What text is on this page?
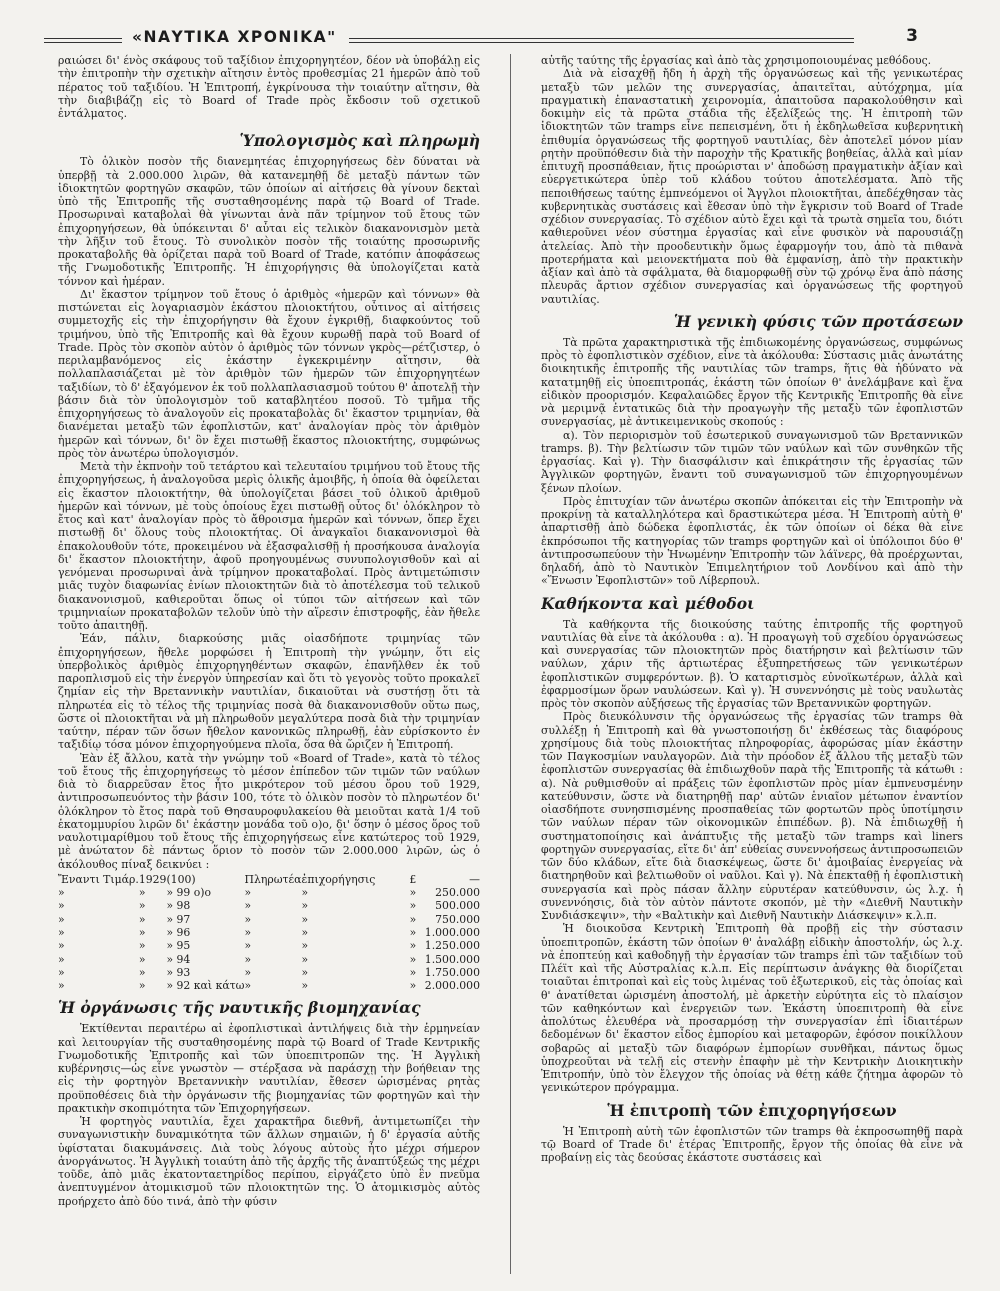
«ΝΑΥΤΙΚΑ ΧΡΟΝΙΚΑ"	3

ραιώσει δι' ένὸς σκάφους τοῦ ταξίδιον ἐπιχορηγητέον, δέον νὰ ὑποβάλῃ εἰς τὴν ἐπιτροπὴν τὴν σχετικὴν αἴτησιν ἐντὸς προθεσμίας 21 ἡμερῶν ἀπὸ τοῦ πέρατος τοῦ ταξιδίου. Ἡ Ἐπιτροπή, ἐγκρίνουσα τὴν τοιαύτην αἴτησιν, θὰ τὴν διαβιβάζῃ εἰς τὸ Board of Trade πρὸς ἔκδοσιν τοῦ σχετικοῦ ἐντάλματος.

Ὑπολογισμὸς καὶ πληρωμὴ

Τὸ ὁλικὸν ποσὸν τῆς διανεμητέας ἐπιχορηγήσεως δὲν δύναται νὰ ὑπερβῇ τὰ 2.000.000 λιρῶν, θὰ κατανεμηθῇ δὲ μεταξὺ πάντων τῶν ἰδιοκτητῶν φορτηγῶν σκαφῶν, τῶν ὁποίων αἱ αἰτήσεις θὰ γίνουν δεκταὶ ὑπὸ τῆς Ἐπιτροπῆς τῆς συσταθησομένης παρὰ τῷ Board of Trade. Προσωριναὶ καταβολαὶ θὰ γίνωνται ἀνὰ πᾶν τρίμηνον τοῦ ἔτους τῶν ἐπιχορηγήσεων, θὰ ὑπόκεινται δ' αὗται εἰς τελικὸν διακανονισμὸν μετὰ τὴν λῆξιν τοῦ ἔτους. Τὸ συνολικὸν ποσὸν τῆς τοιαύτης προσωρινῆς προκαταβολῆς θὰ ὁρίζεται παρὰ τοῦ Board of Trade, κατόπιν ἀποφάσεως τῆς Γνωμοδοτικῆς Ἐπιτροπῆς. Ἡ ἐπιχορήγησις θὰ ὑπολογίζεται κατὰ τόννον καὶ ἡμέραν.

Δι' ἕκαστον τρίμηνον τοῦ ἔτους ὁ ἀριθμὸς «ἡμερῶν καὶ τόννων» θὰ πιστώνεται εἰς λογαριασμὸν ἑκάστου πλοιοκτήτου, οὗτινος αἱ αἰτήσεις συμμετοχῆς εἰς τὴν ἐπιχορήγησιν θὰ ἔχουν ἐγκριθῇ, διαφκούντος τοῦ τριμήνου, ὑπὸ τῆς Ἐπιτροπῆς καὶ θὰ ἔχουν κυρωθῇ παρὰ τοῦ Board of Trade. Πρὸς τὸν σκοπὸν αὐτὸν ὁ ἀριθμὸς τῶν τόννων γκρὸς—ρέτζιστερ, ὁ περιλαμβανόμενος εἰς ἑκάστην ἐγκεκριμένην αἴτησιν, θὰ πολλαπλασιάζεται μὲ τὸν ἀριθμὸν τῶν ἡμερῶν τῶν ἐπιχορηγητέων ταξιδίων, τὸ δ' ἐξαγόμενον ἐκ τοῦ πολλαπλασιασμοῦ τούτου θ' ἀποτελῇ τὴν βάσιν διὰ τὸν ὑπολογισμὸν τοῦ καταβλητέου ποσοῦ. Τὸ τμῆμα τῆς ἐπιχορηγήσεως τὸ ἀναλογοῦν εἰς προκαταβολὰς δι' ἕκαστον τριμηνίαν, θὰ διανέμεται μεταξὺ τῶν ἐφοπλιστῶν, κατ' ἀναλογίαν πρὸς τὸν ἀριθμὸν ἡμερῶν καὶ τόννων, δι' ὃν ἔχει πιστωθῇ ἕκαστος πλοιοκτήτης, συμφώνως πρὸς τὸν ἀνωτέρω ὑπολογισμόν.

Μετὰ τὴν ἐκπνοὴν τοῦ τετάρτου καὶ τελευταίου τριμήνου τοῦ ἔτους τῆς ἐπιχορηγήσεως, ἡ ἀναλογοῦσα μερὶς ὁλικῆς ἀμοιβῆς, ἡ ὁποία θὰ ὀφείλεται εἰς ἕκαστον πλοιοκτήτην, θὰ ὑπολογίζεται βάσει τοῦ ὁλικοῦ ἀριθμοῦ ἡμερῶν καὶ τόννων, μὲ τοὺς ὁποίους ἔχει πιστωθῇ οὗτος δι' ὁλόκληρον τὸ ἔτος καὶ κατ' ἀναλογίαν πρὸς τὸ ἄθροισμα ἡμερῶν καὶ τόννων, ὅπερ ἔχει πιστωθῇ δι' ὅλους τοὺς πλοιοκτήτας. Οἱ ἀναγκαῖοι διακανονισμοὶ θὰ ἐπακολουθοῦν τότε, προκειμένου νὰ ἐξασφαλισθῇ ἡ προσήκουσα ἀναλογία δι' ἕκαστον πλοιοκτήτην, ἀφοῦ προηγουμένως συνυπολογισθοῦν καὶ αἱ γενόμεναι προσωριναὶ ἀνὰ τρίμηνον προκαταβολαί. Πρὸς ἀντιμετώπισιν μιᾶς τυχὸν διαφωνίας ἐνίων πλοιοκτητῶν διὰ τὸ ἀποτέλεσμα τοῦ τελικοῦ διακανονισμοῦ, καθιεροῦται ὅπως οἱ τύποι τῶν αἰτήσεων καὶ τῶν τριμηνιαίων προκαταβολῶν τελοῦν ὑπὸ τὴν αἵρεσιν ἐπιστροφῆς, ἐὰν ἤθελε τοῦτο ἀπαιτηθῇ.

Ἐάν, πάλιν, διαρκούσης μιᾶς οἱασδήποτε τριμηνίας τῶν ἐπιχορηγήσεων, ἤθελε μορφώσει ἡ Ἐπιτροπὴ τὴν γνώμην, ὅτι εἰς ὑπερβολικὸς ἀριθμὸς ἐπιχορηγηθέντων σκαφῶν, ἐπανῆλθεν ἐκ τοῦ παροπλισμοῦ εἰς τὴν ἐνεργὸν ὑπηρεσίαν καὶ ὅτι τὸ γεγονὸς τοῦτο προκαλεῖ ζημίαν εἰς τὴν Βρεταννικὴν ναυτιλίαν, δικαιοῦται νὰ συστήσῃ ὅτι τὰ πληρωτέα εἰς τὸ τέλος τῆς τριμηνίας ποσὰ θὰ διακανονισθοῦν οὕτω πως, ὥστε οἱ πλοιοκτῆται νὰ μὴ πληρωθοῦν μεγαλύτερα ποσὰ διὰ τὴν τριμηνίαν ταύτην, πέραν τῶν ὅσων ἤθελον κανονικῶς πληρωθῇ, ἐὰν εὑρίσκοντο ἐν ταξιδίῳ τόσα μόνον ἐπιχορηγούμενα πλοῖα, ὅσα θὰ ὥριζεν ἡ Ἐπιτροπή.

Ἐὰν ἐξ ἄλλου, κατὰ τὴν γνώμην τοῦ «Board of Trade», κατὰ τὸ τέλος τοῦ ἔτους τῆς ἐπιχορηγήσεως τὸ μέσον ἐπίπεδον τῶν τιμῶν τῶν ναύλων διὰ τὸ διαρρεῦσαν ἔτος ἦτο μικρότερον τοῦ μέσου ὅρου τοῦ 1929, ἀντιπροσωπευόντος τὴν βάσιν 100, τότε τὸ ὁλικὸν ποσὸν τὸ πληρωτέον δι' ὁλόκληρον τὸ ἔτος παρὰ τοῦ Θησαυροφυλακείου θὰ μειοῦται κατὰ 1/4 τοῦ ἑκατομμυρίου λιρῶν δι' ἑκάστην μονάδα τοῦ ο)ο, δι' ὅσην ὁ μέσος ὅρος τοῦ ναυλοτιμαρίθμου τοῦ ἔτους τῆς ἐπιχορηγήσεως εἶνε κατώτερος τοῦ 1929, μὲ ἀνώτατον δὲ πάντως ὅριον τὸ ποσὸν τῶν 2.000.000 λιρῶν, ὡς ὁ ἀκόλουθος πίναξ δεικνύει :

Ἔναντι Τιμάρ.	1929	(100)	Πληρωτέα	ἐπιχορήγησις	£	—
»	»	» 99 ο)ο	»	»	»	250.000
»	»	» 98	»	»	»	500.000
»	»	» 97	»	»	»	750.000
»	»	» 96	»	»	»	1.000.000
»	»	» 95	»	»	»	1.250.000
»	»	» 94	»	»	»	1.500.000
»	»	» 93	»	»	»	1.750.000
»	»	» 92 καὶ κάτω	»	»	»	2.000.000
Ἡ ὀργάνωσις τῆς ναυτικῆς βιομηχανίας

Ἐκτίθενται περαιτέρω αἱ ἐφοπλιστικαὶ ἀντιλήψεις διὰ τὴν ἑρμηνείαν καὶ λειτουργίαν τῆς συσταθησομένης παρὰ τῷ Board of Trade Κεντρικῆς Γνωμοδοτικῆς Ἐπιτροπῆς καὶ τῶν ὑποεπιτροπῶν της. Ἡ Ἀγγλικὴ κυβέρνησις—ὡς εἶνε γνωστὸν — στέρξασα νὰ παράσχῃ τὴν βοήθειαν της εἰς τὴν φορτηγὸν Βρεταννικὴν ναυτιλίαν, ἔθεσεν ὡρισμένας ρητὰς προϋποθέσεις διὰ τὴν ὀργάνωσιν τῆς βιομηχανίας τῶν φορτηγῶν καὶ τὴν πρακτικὴν σκοπιμότητα τῶν Ἐπιχορηγήσεων.

Ἡ φορτηγὸς ναυτιλία, ἔχει χαρακτῆρα διεθνῆ, ἀντιμετωπίζει τὴν συναγωνιστικὴν δυναμικότητα τῶν ἄλλων σημαιῶν, ἡ δ' ἐργασία αὐτῆς ὑφίσταται διακυμάνσεις. Διὰ τοὺς λόγους αὐτοὺς ἦτο μέχρι σήμερον ἀνοργάνωτος. Ἡ Ἀγγλικὴ τοιαύτη ἀπὸ τῆς ἀρχῆς τῆς ἀναπτύξεώς της μέχρι τοῦδε, ἀπὸ μιᾶς ἑκατονταετηρίδος περίπου, εἰργάζετο ὑπὸ ἓν πνεῦμα ἀνεπτυγμένον ἀτομικισμοῦ τῶν πλοιοκτητῶν της. Ὁ ἀτομικισμὸς αὐτὸς προήρχετο ἀπὸ δύο τινά, ἀπὸ τὴν φύσιν

αὐτῆς ταύτης τῆς ἐργασίας καὶ ἀπὸ τὰς χρησιμοποιουμένας μεθόδους.

Διὰ νὰ εἰσαχθῇ ἤδη ἡ ἀρχὴ τῆς ὀργανώσεως καὶ τῆς γενικωτέρας μεταξὺ τῶν μελῶν της συνεργασίας, ἀπαιτεῖται, αὐτόχρημα, μία πραγματικὴ ἐπαναστατικὴ χειρονομία, ἀπαιτοῦσα παρακολούθησιν καὶ δοκιμὴν εἰς τὰ πρῶτα στάδια τῆς ἐξελίξεώς της. Ἡ ἐπιτροπὴ τῶν ἰδιοκτητῶν τῶν tramps εἶνε πεπεισμένη, ὅτι ἡ ἐκδηλωθεῖσα κυβερνητικὴ ἐπιθυμία ὀργανώσεως τῆς φορτηγοῦ ναυτιλίας, δὲν ἀποτελεῖ μόνον μίαν ρητὴν προϋπόθεσιν διὰ τὴν παροχὴν τῆς Κρατικῆς βοηθείας, ἀλλὰ καὶ μίαν ἐπιτυχῆ προσπάθειαν, ἥτις προώρισται ν' ἀποδώσῃ πραγματικὴν ἀξίαν καὶ εὐεργετικώτερα ὑπὲρ τοῦ κλάδου τούτου ἀποτελέσματα. Ἀπὸ τῆς πεποιθήσεως ταύτης ἐμπνεόμενοι οἱ Ἄγγλοι πλοιοκτῆται, ἀπεδέχθησαν τὰς κυβερνητικὰς συστάσεις καὶ ἔθεσαν ὑπὸ τὴν ἔγκρισιν τοῦ Board of Trade σχέδιον συνεργασίας. Τὸ σχέδιον αὐτὸ ἔχει καὶ τὰ τρωτὰ σημεῖα του, διότι καθιεροῦνει νέον σύστημα ἐργασίας καὶ εἶνε φυσικὸν νὰ παρουσιάζῃ ἀτελείας. Ἀπὸ τὴν προοδευτικὴν ὅμως ἐφαρμογήν του, ἀπὸ τὰ πιθανὰ προτερήματα καὶ μειονεκτήματα ποὺ θὰ ἐμφανίσῃ, ἀπὸ τὴν πρακτικὴν ἀξίαν καὶ ἀπὸ τὰ σφάλματα, θὰ διαμορφωθῇ σὺν τῷ χρόνῳ ἕνα ἀπὸ πάσης πλευρᾶς ἄρτιον σχέδιον συνεργασίας καὶ ὀργανώσεως τῆς φορτηγοῦ ναυτιλίας.

Ἡ γενικὴ φύσις τῶν προτάσεων

Τὰ πρῶτα χαρακτηριστικὰ τῆς ἐπιδιωκομένης ὀργανώσεως, συμφώνως πρὸς τὸ ἐφοπλιστικὸν σχέδιον, εἶνε τὰ ἀκόλουθα: Σύστασις μιᾶς ἀνωτάτης διοικητικῆς ἐπιτροπῆς τῆς ναυτιλίας τῶν tramps, ἥτις θὰ ἠδύνατο νὰ κατατμηθῇ εἰς ὑποεπιτροπάς, ἑκάστη τῶν ὁποίων θ' ἀνελάμβανε καὶ ἕνα εἰδικὸν προορισμόν. Κεφαλαιῶδες ἔργον τῆς Κεντρικῆς Ἐπιτροπῆς θὰ εἶνε νὰ μεριμνᾷ ἐντατικῶς διὰ τὴν προαγωγὴν τῆς μεταξὺ τῶν ἐφοπλιστῶν συνεργασίας, μὲ ἀντικειμενικοὺς σκοπούς :

α). Τὸν περιορισμὸν τοῦ ἐσωτερικοῦ συναγωνισμοῦ τῶν Βρεταννικῶν tramps. β). Τὴν βελτίωσιν τῶν τιμῶν τῶν ναύλων καὶ τῶν συνθηκῶν τῆς ἐργασίας. Καὶ γ). Τὴν διασφάλισιν καὶ ἐπικράτησιν τῆς ἐργασίας τῶν Ἀγγλικῶν φορτηγῶν, ἔναντι τοῦ συναγωνισμοῦ τῶν ἐπιχορηγουμένων ξένων πλοίων.

Πρὸς ἐπιτυχίαν τῶν ἀνωτέρω σκοπῶν ἀπόκειται εἰς τὴν Ἐπιτροπὴν νὰ προκρίνῃ τὰ καταλληλότερα καὶ δραστικώτερα μέσα. Ἡ Ἐπιτροπὴ αὐτὴ θ' ἀπαρτισθῇ ἀπὸ δώδεκα ἐφοπλιστάς, ἐκ τῶν ὁποίων οἱ δέκα θὰ εἶνε ἐκπρόσωποι τῆς κατηγορίας τῶν tramps φορτηγῶν καὶ οἱ ὑπόλοιποι δύο θ' ἀντιπροσωπεύουν τὴν Ἡνωμένην Ἐπιτροπὴν τῶν λάϊνερς, θὰ προέρχωνται, δηλαδή, ἀπὸ τὸ Ναυτικὸν Ἐπιμελητήριον τοῦ Λονδίνου καὶ ἀπὸ τὴν «Ἕνωσιν Ἐφοπλιστῶν» τοῦ Λίβερπουλ.

Καθήκοντα καὶ μέθοδοι

Τὰ καθήκοντα τῆς διοικούσης ταύτης ἐπιτροπῆς τῆς φορτηγοῦ ναυτιλίας θὰ εἶνε τὰ ἀκόλουθα : α). Ἡ προαγωγὴ τοῦ σχεδίου ὀργανώσεως καὶ συνεργασίας τῶν πλοιοκτητῶν πρὸς διατήρησιν καὶ βελτίωσιν τῶν ναύλων, χάριν τῆς ἀρτιωτέρας ἐξυπηρετήσεως τῶν γενικωτέρων ἐφοπλιστικῶν συμφερόντων. β). Ὁ καταρτισμὸς εὐνοϊκωτέρων, ἀλλὰ καὶ ἐφαρμοσίμων ὅρων ναυλώσεων. Καὶ γ). Ἡ συνεννόησις μὲ τοὺς ναυλωτὰς πρὸς τὸν σκοπὸν αὐξήσεως τῆς ἐργασίας τῶν Βρεταννικῶν φορτηγῶν.

Πρὸς διευκόλυνσιν τῆς ὀργανώσεως τῆς ἐργασίας τῶν tramps θὰ συλλέξῃ ἡ Ἐπιτροπὴ καὶ θὰ γνωστοποιήσῃ δι' ἐκθέσεως τὰς διαφόρους χρησίμους διὰ τοὺς πλοιοκτήτας πληροφορίας, ἀφορώσας μίαν ἑκάστην τῶν Παγκοσμίων ναυλαγορῶν. Διὰ τὴν πρόοδον ἐξ ἄλλου τῆς μεταξὺ τῶν ἐφοπλιστῶν συνεργασίας θὰ ἐπιδιωχθοῦν παρὰ τῆς Ἐπιτροπῆς τὰ κάτωθι : α). Νὰ ρυθμισθοῦν αἱ πράξεις τῶν ἐφοπλιστῶν πρὸς μίαν ἐμπνευσμένην κατεύθυνσιν, ὥστε νὰ διατηρηθῇ παρ' αὐτῶν ἑνιαῖον μέτωπον ἐναντίον οἱασδήποτε συνησπισμένης προσπαθείας τῶν φορτωτῶν πρὸς ὑποτίμησιν τῶν ναύλων πέραν τῶν οἰκονομικῶν ἐπιπέδων. β). Νὰ ἐπιδιωχθῇ ἡ συστηματοποίησις καὶ ἀνάπτυξις τῆς μεταξὺ τῶν tramps καὶ liners φορτηγῶν συνεργασίας, εἴτε δι' ἀπ' εὐθείας συνεννοήσεως ἀντιπροσωπειῶν τῶν δύο κλάδων, εἴτε διὰ διασκέψεως, ὥστε δι' ἀμοιβαίας ἐνεργείας νὰ διατηρηθοῦν καὶ βελτιωθοῦν οἱ ναῦλοι. Καὶ γ). Νὰ ἐπεκταθῇ ἡ ἐφοπλιστικὴ συνεργασία καὶ πρὸς πάσαν ἄλλην εὐρυτέραν κατεύθυνσιν, ὡς λ.χ. ἡ συνεννόησις, διὰ τὸν αὐτὸν πάντοτε σκοπόν, μὲ τὴν «Διεθνῆ Ναυτικὴν Συνδιάσκεψιν», τὴν «Βαλτικὴν καὶ Διεθνῆ Ναυτικὴν Διάσκεψιν» κ.λ.π.

Ἡ διοικοῦσα Κεντρικὴ Ἐπιτροπὴ θὰ προβῇ εἰς τὴν σύστασιν ὑποεπιτροπῶν, ἑκάστη τῶν ὁποίων θ' ἀναλάβῃ εἰδικὴν ἀποστολήν, ὡς λ.χ. νὰ ἐποπτεύῃ καὶ καθοδηγῇ τὴν ἐργασίαν τῶν tramps ἐπὶ τῶν ταξιδίων τοῦ Πλέϊτ καὶ τῆς Αὐστραλίας κ.λ.π. Εἰς περίπτωσιν ἀνάγκης θὰ διορίζεται τοιαῦται ἐπιτροπαὶ καὶ εἰς τοὺς λιμένας τοῦ ἐξωτερικοῦ, εἰς τὰς ὁποίας καὶ θ' ἀνατίθεται ὡρισμένη ἀποστολή, μὲ ἀρκετὴν εὐρύτητα εἰς τὸ πλαίσιον τῶν καθηκόντων καὶ ἐνεργειῶν των. Ἑκάστη ὑποεπιτροπὴ θὰ εἶνε ἀπολύτως ἐλευθέρα νὰ προσαρμόσῃ τὴν συνεργασίαν ἐπὶ ἰδιαιτέρων δεδομένων δι' ἕκαστον εἶδος ἐμπορίου καὶ μεταφορῶν, ἐφόσον ποικίλλουν σοβαρῶς αἱ μεταξὺ τῶν διαφόρων ἐμπορίων συνθῆκαι, πάντως ὅμως ὑποχρεοῦται νὰ τελῇ εἰς στενὴν ἐπαφὴν μὲ τὴν Κεντρικὴν Διοικητικὴν Ἐπιτροπήν, ὑπὸ τὸν ἔλεγχον τῆς ὁποίας νὰ θέτῃ κάθε ζήτημα ἀφορῶν τὸ γενικώτερον πρόγραμμα.

Ἡ ἐπιτροπὴ τῶν ἐπιχορηγήσεων

Ἡ Ἐπιτροπὴ αὐτὴ τῶν ἐφοπλιστῶν τῶν tramps θὰ ἐκπροσωπηθῇ παρὰ τῷ Board of Trade δι' ἑτέρας Ἐπιτροπῆς, ἔργον τῆς ὁποίας θὰ εἶνε νὰ προβαίνῃ εἰς τὰς δεούσας ἑκάστοτε συστάσεις καὶ
